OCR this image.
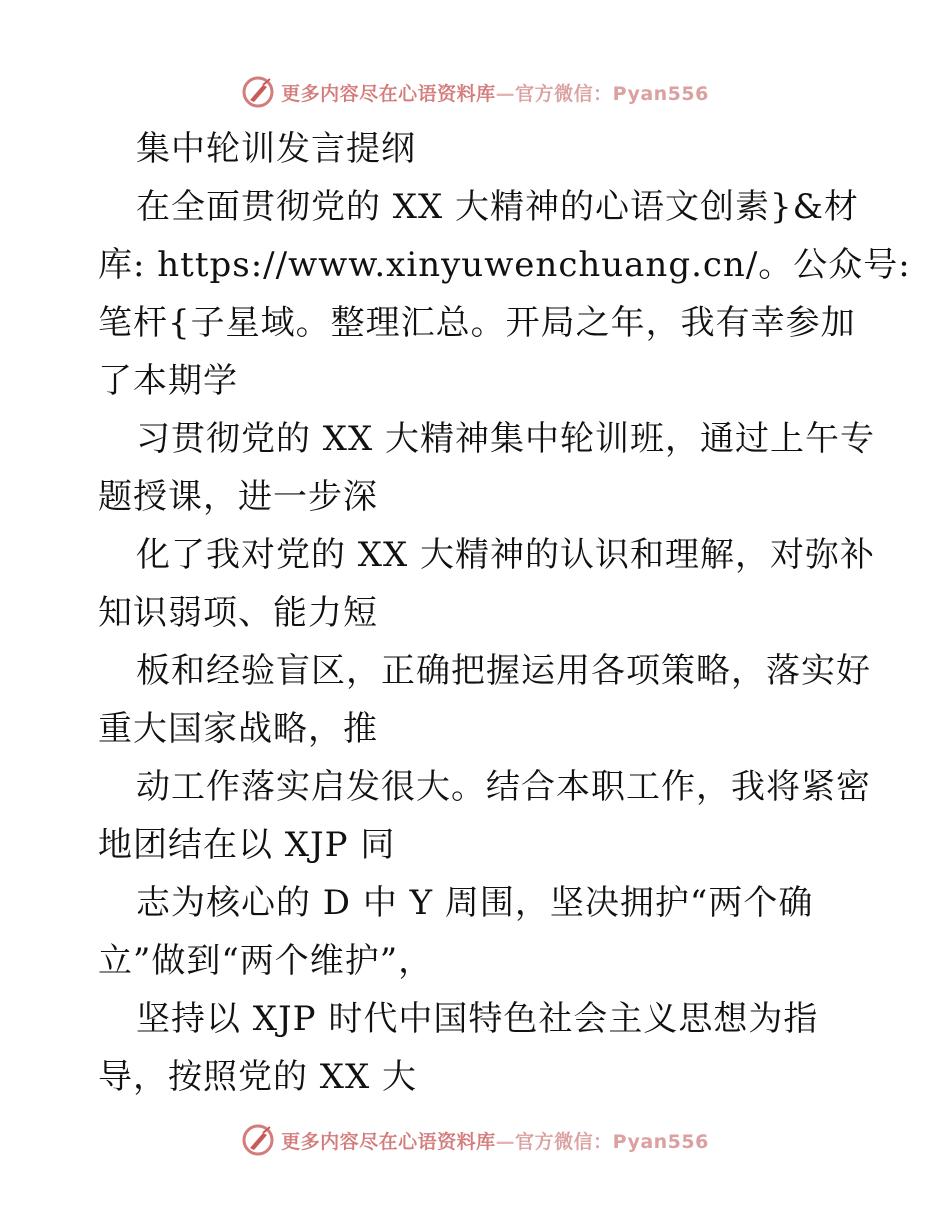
更多内容尽在心语资料库—官方微信：Pyan556
集中轮训发言提纲
在全面贯彻党的 XX 大精神的心语文创素}&材
库: https://www.xinyuwenchuang.cn/。公众号:
笔杆{子星域。整理汇总。开局之年，我有幸参加
了本期学
习贯彻党的 XX 大精神集中轮训班，通过上午专
题授课，进一步深
化了我对党的 XX 大精神的认识和理解，对弥补
知识弱项、能力短
板和经验盲区，正确把握运用各项策略，落实好
重大国家战略，推
动工作落实启发很大。结合本职工作，我将紧密
地团结在以 XJP 同
志为核心的 D 中 Y 周围，坚决拥护“两个确
立”做到“两个维护”，
坚持以 XJP 时代中国特色社会主义思想为指
导，按照党的 XX 大
更多内容尽在心语资料库—官方微信：Pyan556
